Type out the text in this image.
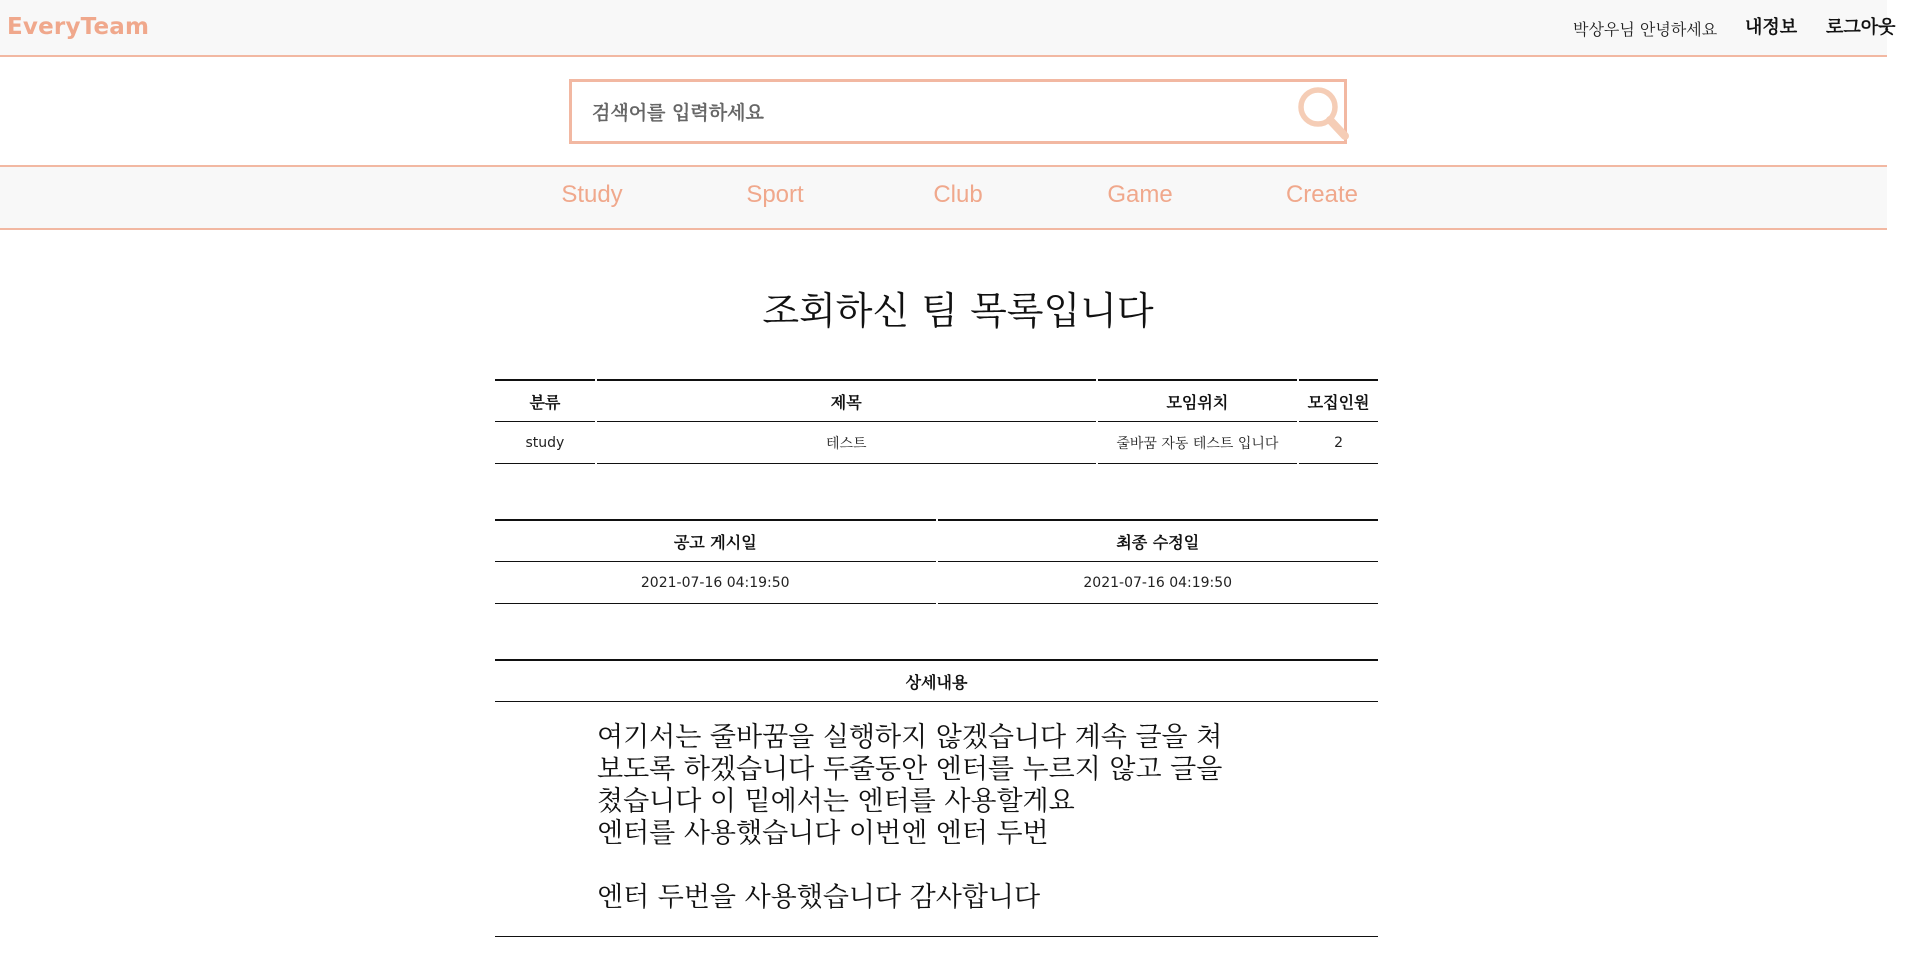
EveryTeam	박상우님 안녕하세요 내정보 로그아웃
검색어를 입력하세요
Study	Sport	Club	Game	Create
조회하신 팀 목록입니다
분류	제목	모임위치	모집인원
study	테스트	줄바꿈 자동 테스트 입니다	2
공고 게시일	최종 수정일
2021-07-16 04:19:50	2021-07-16 04:19:50
상세내용
여기서는 줄바꿈을 실행하지 않겠습니다 계속 글을 쳐
보도록 하겠습니다 두줄동안 엔터를 누르지 않고 글을
쳤습니다 이 밑에서는 엔터를 사용할게요
엔터를 사용했습니다 이번엔 엔터 두번

엔터 두번을 사용했습니다 감사합니다
